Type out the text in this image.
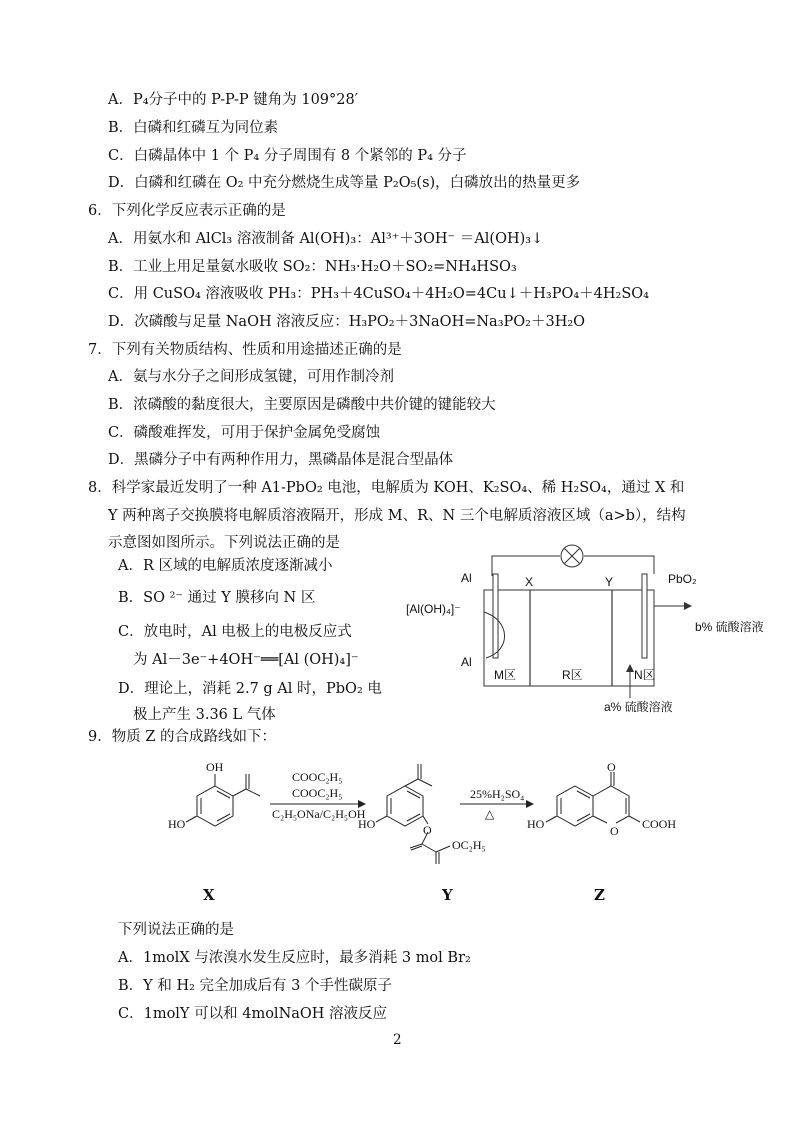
A．P₄分子中的 P-P-P 键角为 109°28′
B．白磷和红磷互为同位素
C．白磷晶体中 1 个 P₄ 分子周围有 8 个紧邻的 P₄ 分子
D．白磷和红磷在 O₂ 中充分燃烧生成等量 P₂O₅(s)，白磷放出的热量更多
6．下列化学反应表示正确的是
A．用氨水和 AlCl₃ 溶液制备 Al(OH)₃：Al³⁺＋3OH⁻ ＝Al(OH)₃↓
B．工业上用足量氨水吸收 SO₂：NH₃·H₂O＋SO₂=NH₄HSO₃
C．用 CuSO₄ 溶液吸收 PH₃：PH₃＋4CuSO₄＋4H₂O=4Cu↓＋H₃PO₄＋4H₂SO₄
D．次磷酸与足量 NaOH 溶液反应：H₃PO₂＋3NaOH=Na₃PO₂＋3H₂O
7．下列有关物质结构、性质和用途描述正确的是
A．氨与水分子之间形成氢键，可用作制冷剂
B．浓磷酸的黏度很大，主要原因是磷酸中共价键的键能较大
C．磷酸难挥发，可用于保护金属免受腐蚀
D．黑磷分子中有两种作用力，黑磷晶体是混合型晶体
8．科学家最近发明了一种 A1-PbO₂ 电池，电解质为 KOH、K₂SO₄、稀 H₂SO₄，通过 X 和
Y 两种离子交换膜将电解质溶液隔开，形成 M、R、N 三个电解质溶液区域（a>b），结构
示意图如图所示。下列说法正确的是
A．R 区域的电解质浓度逐渐减小
B．SO ²⁻ 通过 Y 膜移向 N 区
C．放电时，Al 电极上的电极反应式
为 Al－3e⁻+4OH⁻══[Al (OH)₄]⁻
D．理论上，消耗 2.7 g Al 时，PbO₂ 电
极上产生 3.36 L 气体
Al
Al
X	Y	PbO₂
[Al(OH)₄]⁻
b% 硫酸溶液
a% 硫酸溶液
M区	R区	N区
9．物质 Z 的合成路线如下：
OH
HO
COOC₂H₅
COOC₂H₅
C₂H₅ONa/C₂H₅OH
HO	O
OC₂H₅
25%H₂SO₄
△
O
HO	O COOH
X	Y	Z
下列说法正确的是
A．1molX 与浓溴水发生反应时，最多消耗 3 mol Br₂
B．Y 和 H₂ 完全加成后有 3 个手性碳原子
C．1molY 可以和 4molNaOH 溶液反应
2
